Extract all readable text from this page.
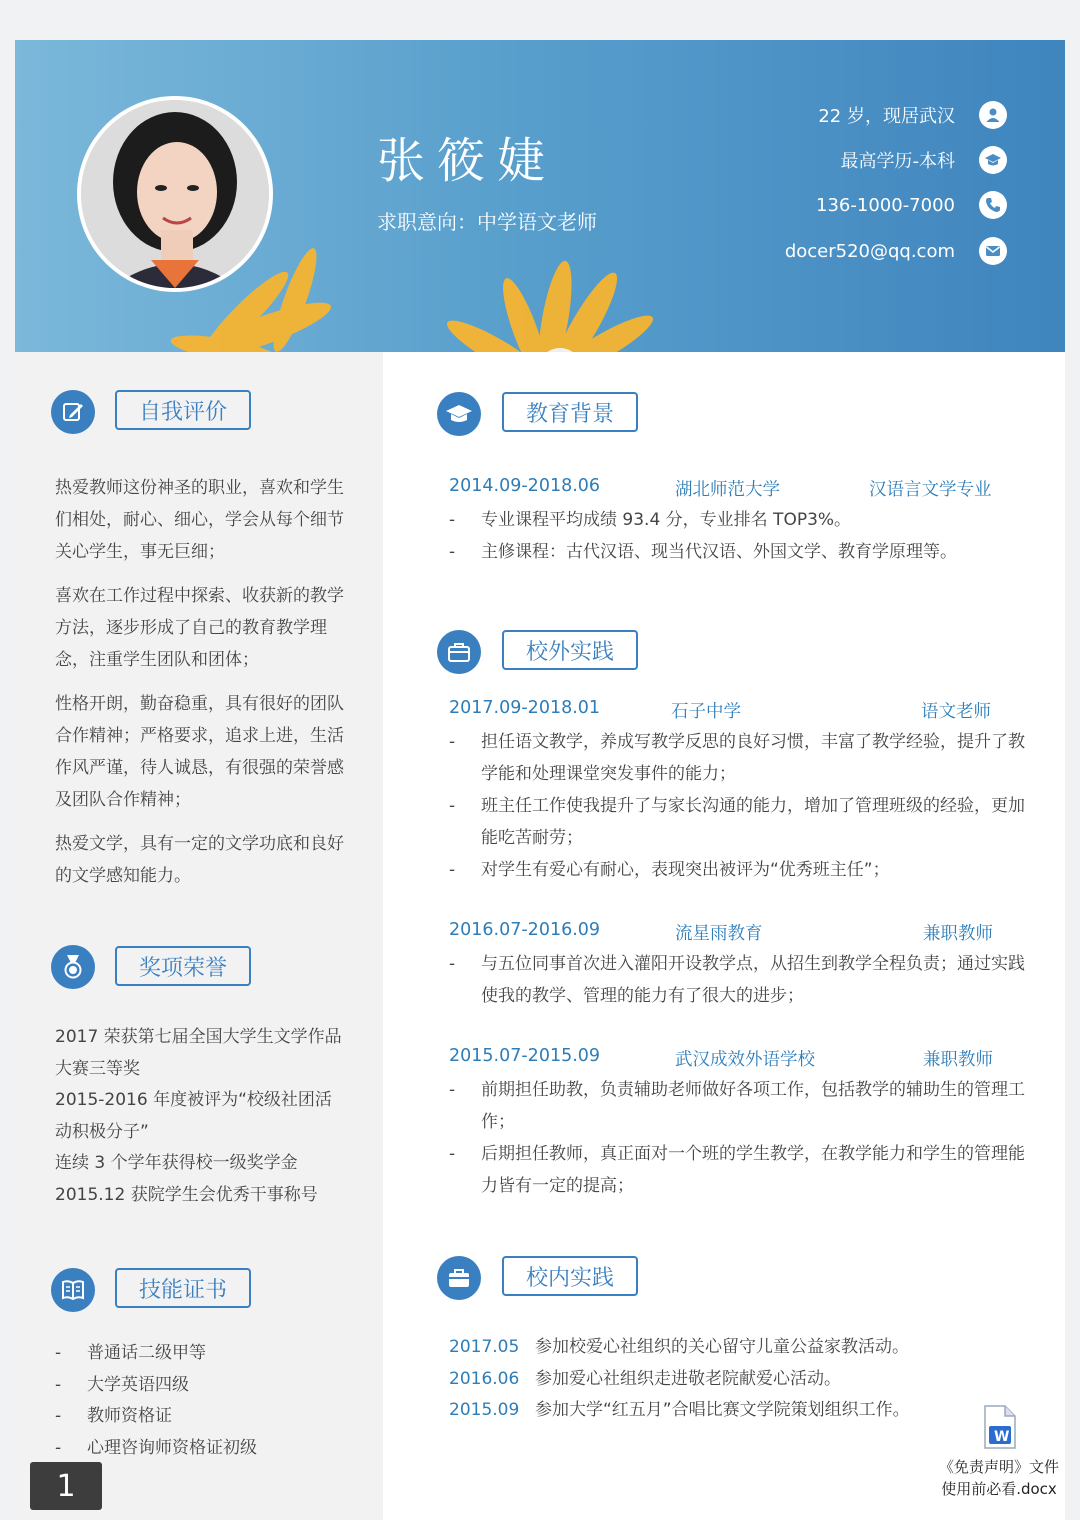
张筱婕
求职意向：中学语文老师
22 岁，现居武汉
最高学历-本科
136-1000-7000
docer520@qq.com
自我评价

热爱教师这份神圣的职业，喜欢和学生们相处，耐心、细心，学会从每个细节关心学生，事无巨细；

喜欢在工作过程中探索、收获新的教学方法，逐步形成了自己的教育教学理念，注重学生团队和团体；

性格开朗，勤奋稳重，具有很好的团队合作精神；严格要求，追求上进，生活作风严谨，待人诚恳，有很强的荣誉感及团队合作精神；

热爱文学，具有一定的文学功底和良好的文学感知能力。

奖项荣誉
2017 荣获第七届全国大学生文学作品大赛三等奖
2015-2016 年度被评为“校级社团活动积极分子”
连续 3 个学年获得校一级奖学金
2015.12 获院学生会优秀干事称号
技能证书
-	普通话二级甲等
-	大学英语四级
-	教师资格证
-	心理咨询师资格证初级
教育背景
2014.09-2018.06	湖北师范大学	汉语言文学专业
-	专业课程平均成绩 93.4 分，专业排名 TOP3%。
-	主修课程：古代汉语、现当代汉语、外国文学、教育学原理等。
校外实践
2017.09-2018.01	石子中学	语文老师
-	担任语文教学，养成写教学反思的良好习惯，丰富了教学经验，提升了教学能和处理课堂突发事件的能力；
-	班主任工作使我提升了与家长沟通的能力，增加了管理班级的经验，更加能吃苦耐劳；
-	对学生有爱心有耐心，表现突出被评为“优秀班主任”；
2016.07-2016.09	流星雨教育	兼职教师
-	与五位同事首次进入灌阳开设教学点，从招生到教学全程负责；通过实践使我的教学、管理的能力有了很大的进步；
2015.07-2015.09	武汉成效外语学校	兼职教师
-	前期担任助教，负责辅助老师做好各项工作，包括教学的辅助生的管理工作；
-	后期担任教师，真正面对一个班的学生教学，在教学能力和学生的管理能力皆有一定的提高；
校内实践
2017.05 参加校爱心社组织的关心留守儿童公益家教活动。
2016.06 参加爱心社组织走进敬老院献爱心活动。
2015.09 参加大学“红五月”合唱比赛文学院策划组织工作。
1
W
《免责声明》文件
使用前必看.docx
